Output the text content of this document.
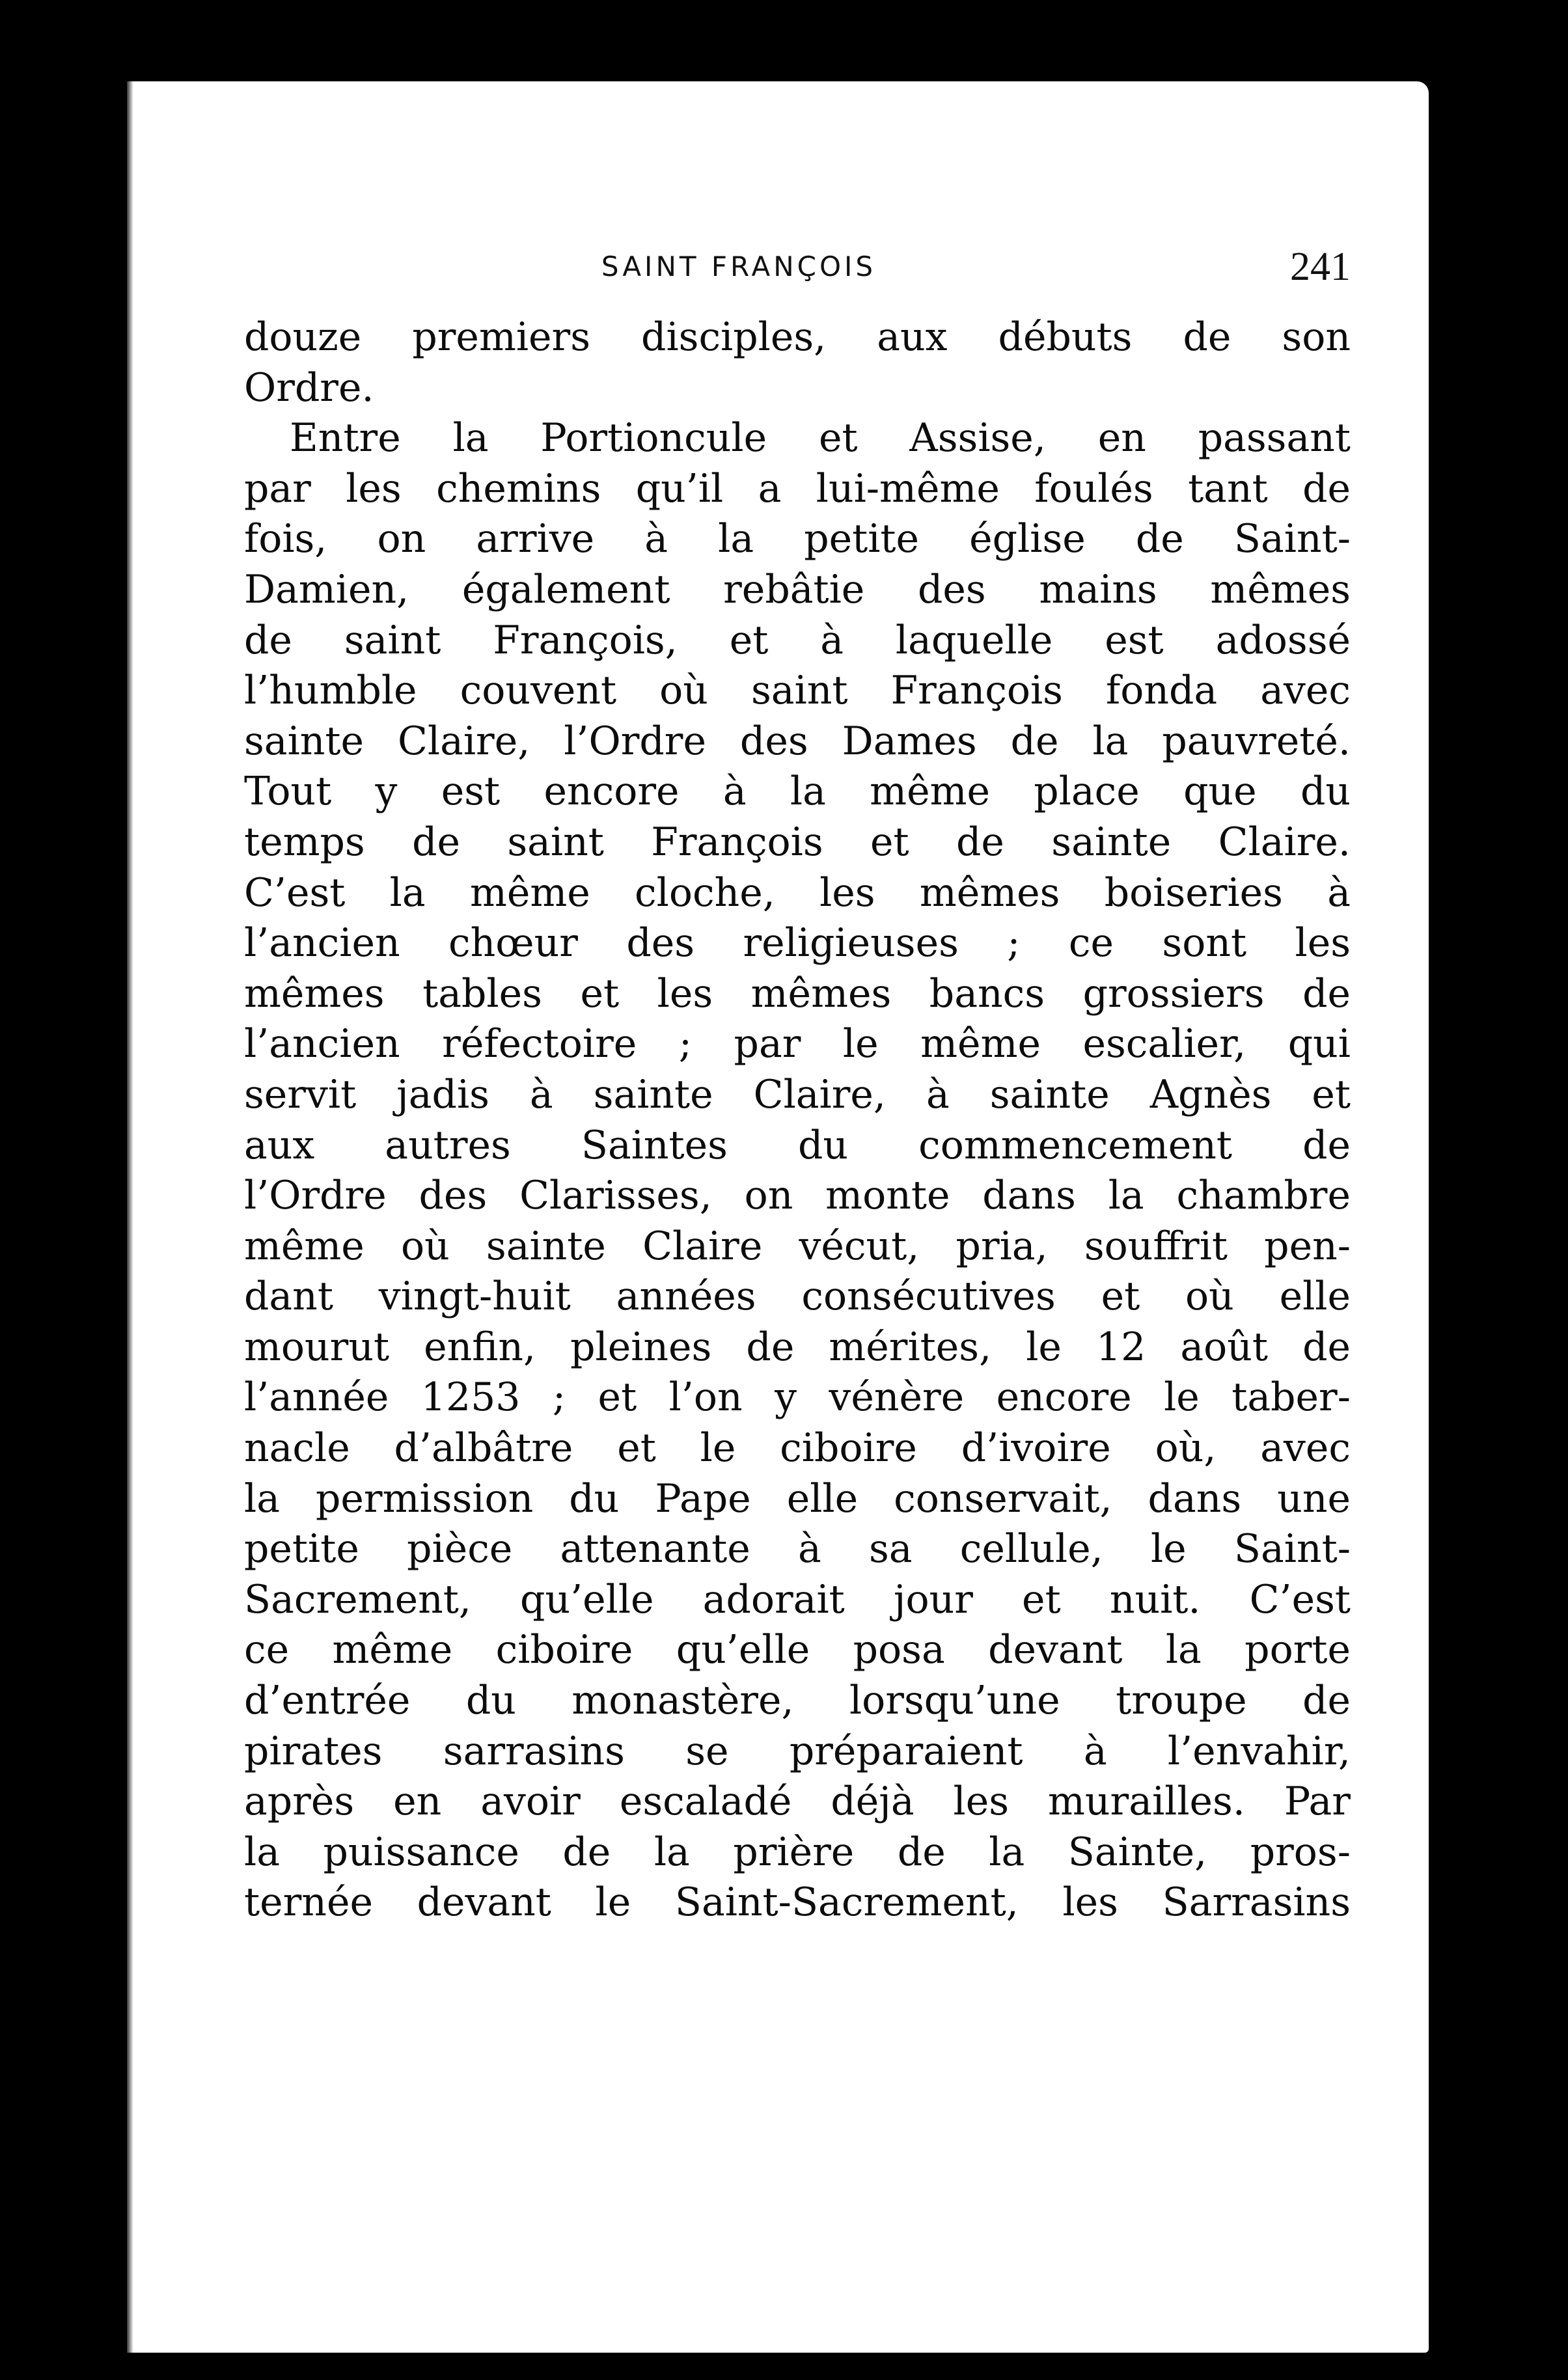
SAINT FRANÇOIS	241
douze premiers disciples, aux débuts de son
Ordre.
Entre la Portioncule et Assise, en passant
par les chemins qu’il a lui-même foulés tant de
fois, on arrive à la petite église de Saint-
Damien, également rebâtie des mains mêmes
de saint François, et à laquelle est adossé
l’humble couvent où saint François fonda avec
sainte Claire, l’Ordre des Dames de la pauvreté.
Tout y est encore à la même place que du
temps de saint François et de sainte Claire.
C’est la même cloche, les mêmes boiseries à
l’ancien chœur des religieuses ; ce sont les
mêmes tables et les mêmes bancs grossiers de
l’ancien réfectoire ; par le même escalier, qui
servit jadis à sainte Claire, à sainte Agnès et
aux autres Saintes du commencement de
l’Ordre des Clarisses, on monte dans la chambre
même où sainte Claire vécut, pria, souffrit pen-
dant vingt-huit années consécutives et où elle
mourut enfin, pleines de mérites, le 12 août de
l’année 1253 ; et l’on y vénère encore le taber-
nacle d’albâtre et le ciboire d’ivoire où, avec
la permission du Pape elle conservait, dans une
petite pièce attenante à sa cellule, le Saint-
Sacrement, qu’elle adorait jour et nuit. C’est
ce même ciboire qu’elle posa devant la porte
d’entrée du monastère, lorsqu’une troupe de
pirates sarrasins se préparaient à l’envahir,
après en avoir escaladé déjà les murailles. Par
la puissance de la prière de la Sainte, pros-
ternée devant le Saint-Sacrement, les Sarrasins
